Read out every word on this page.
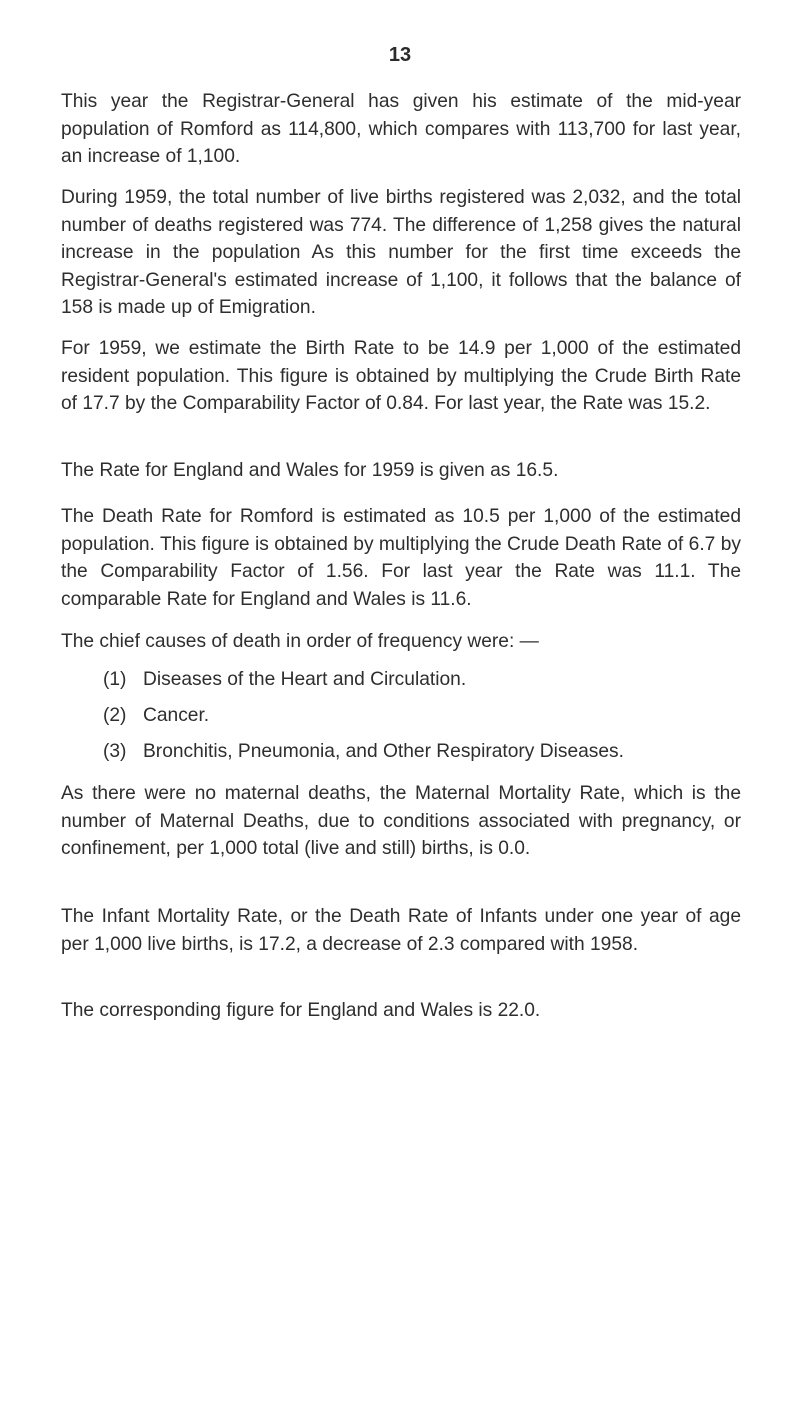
13

This year the Registrar-General has given his estimate of the mid-year population of Romford as 114,800, which compares with 113,700 for last year, an increase of 1,100.

During 1959, the total number of live births registered was 2,032, and the total number of deaths registered was 774. The difference of 1,258 gives the natural increase in the population As this number for the first time exceeds the Registrar-General's estimated increase of 1,100, it follows that the balance of 158 is made up of Emigration.

For 1959, we estimate the Birth Rate to be 14.9 per 1,000 of the estimated resident population. This figure is obtained by multiplying the Crude Birth Rate of 17.7 by the Comparability Factor of 0.84. For last year, the Rate was 15.2.

The Rate for England and Wales for 1959 is given as 16.5.

The Death Rate for Romford is estimated as 10.5 per 1,000 of the estimated population. This figure is obtained by multiplying the Crude Death Rate of 6.7 by the Comparability Factor of 1.56. For last year the Rate was 11.1. The comparable Rate for England and Wales is 11.6.

The chief causes of death in order of frequency were: —

(1) Diseases of the Heart and Circulation.
(2) Cancer.
(3) Bronchitis, Pneumonia, and Other Respiratory Diseases.

As there were no maternal deaths, the Maternal Mortality Rate, which is the number of Maternal Deaths, due to conditions associated with pregnancy, or confinement, per 1,000 total (live and still) births, is 0.0.

The Infant Mortality Rate, or the Death Rate of Infants under one year of age per 1,000 live births, is 17.2, a decrease of 2.3 compared with 1958.

The corresponding figure for England and Wales is 22.0.
